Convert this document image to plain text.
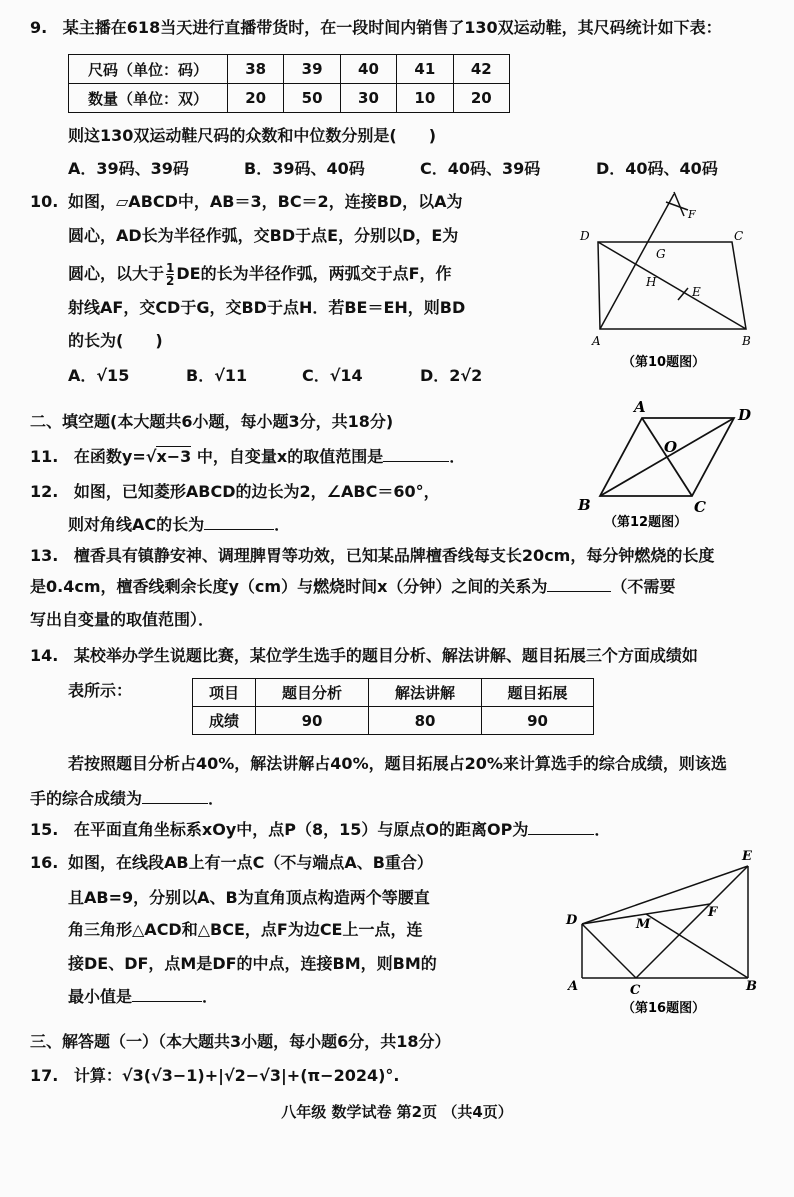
9. 某主播在618当天进行直播带货时，在一段时间内销售了130双运动鞋，其尺码统计如下表：
尺码（单位：码）	38	39	40	41	42
数量（单位：双）	20	50	30	10	20
则这130双运动鞋尺码的众数和中位数分别是(　　)
A．39码、39码	B．39码、40码	C．40码、39码	D．40码、40码
10. 如图，▱ABCD中，AB＝3，BC＝2，连接BD，以A为
圆心，AD长为半径作弧，交BD于点E，分别以D，E为
圆心，以大于 $\frac{1}{2}$ DE的长为半径作弧，两弧交于点F，作
射线AF，交CD于G，交BD于点H．若BE＝EH，则BD
的长为(　　)
A．√15	B．√11	C．√14	D．2√2
D	C
A	B
G
H
E
F
（第10题图）
二、填空题(本大题共6小题，每小题3分，共18分)
11. 在函数y=√x−3 中，自变量x的取值范围是	．
12. 如图，已知菱形ABCD的边长为2，∠ABC＝60°，
则对角线AC的长为	．
A	D
O
B	C
（第12题图）
13. 檀香具有镇静安神、调理脾胃等功效，已知某品牌檀香线每支长20cm，每分钟燃烧的长度
是0.4cm，檀香线剩余长度y（cm）与燃烧时间x（分钟）之间的关系为	（不需要
写出自变量的取值范围）．
14. 某校举办学生说题比赛，某位学生选手的题目分析、解法讲解、题目拓展三个方面成绩如
表所示：	项目	题目分析	解法讲解	题目拓展
成绩	90	80	90
若按照题目分析占40%，解法讲解占40%，题目拓展占20%来计算选手的综合成绩，则该选
手的综合成绩为	．
15. 在平面直角坐标系xOy中，点P（8，15）与原点O的距离OP为	．
16. 如图，在线段AB上有一点C（不与端点A、B重合）
且AB=9，分别以A、B为直角顶点构造两个等腰直
角三角形△ACD和△BCE，点F为边CE上一点，连
接DE、DF，点M是DF的中点，连接BM，则BM的
最小值是	．
E
D
F
M
A	C	B
（第16题图）
三、解答题（一）（本大题共3小题，每小题6分，共18分）
17. 计算：√3(√3−1)+|√2−√3|+(π−2024)°.
八年级 数学试卷 第2页 （共4页）
